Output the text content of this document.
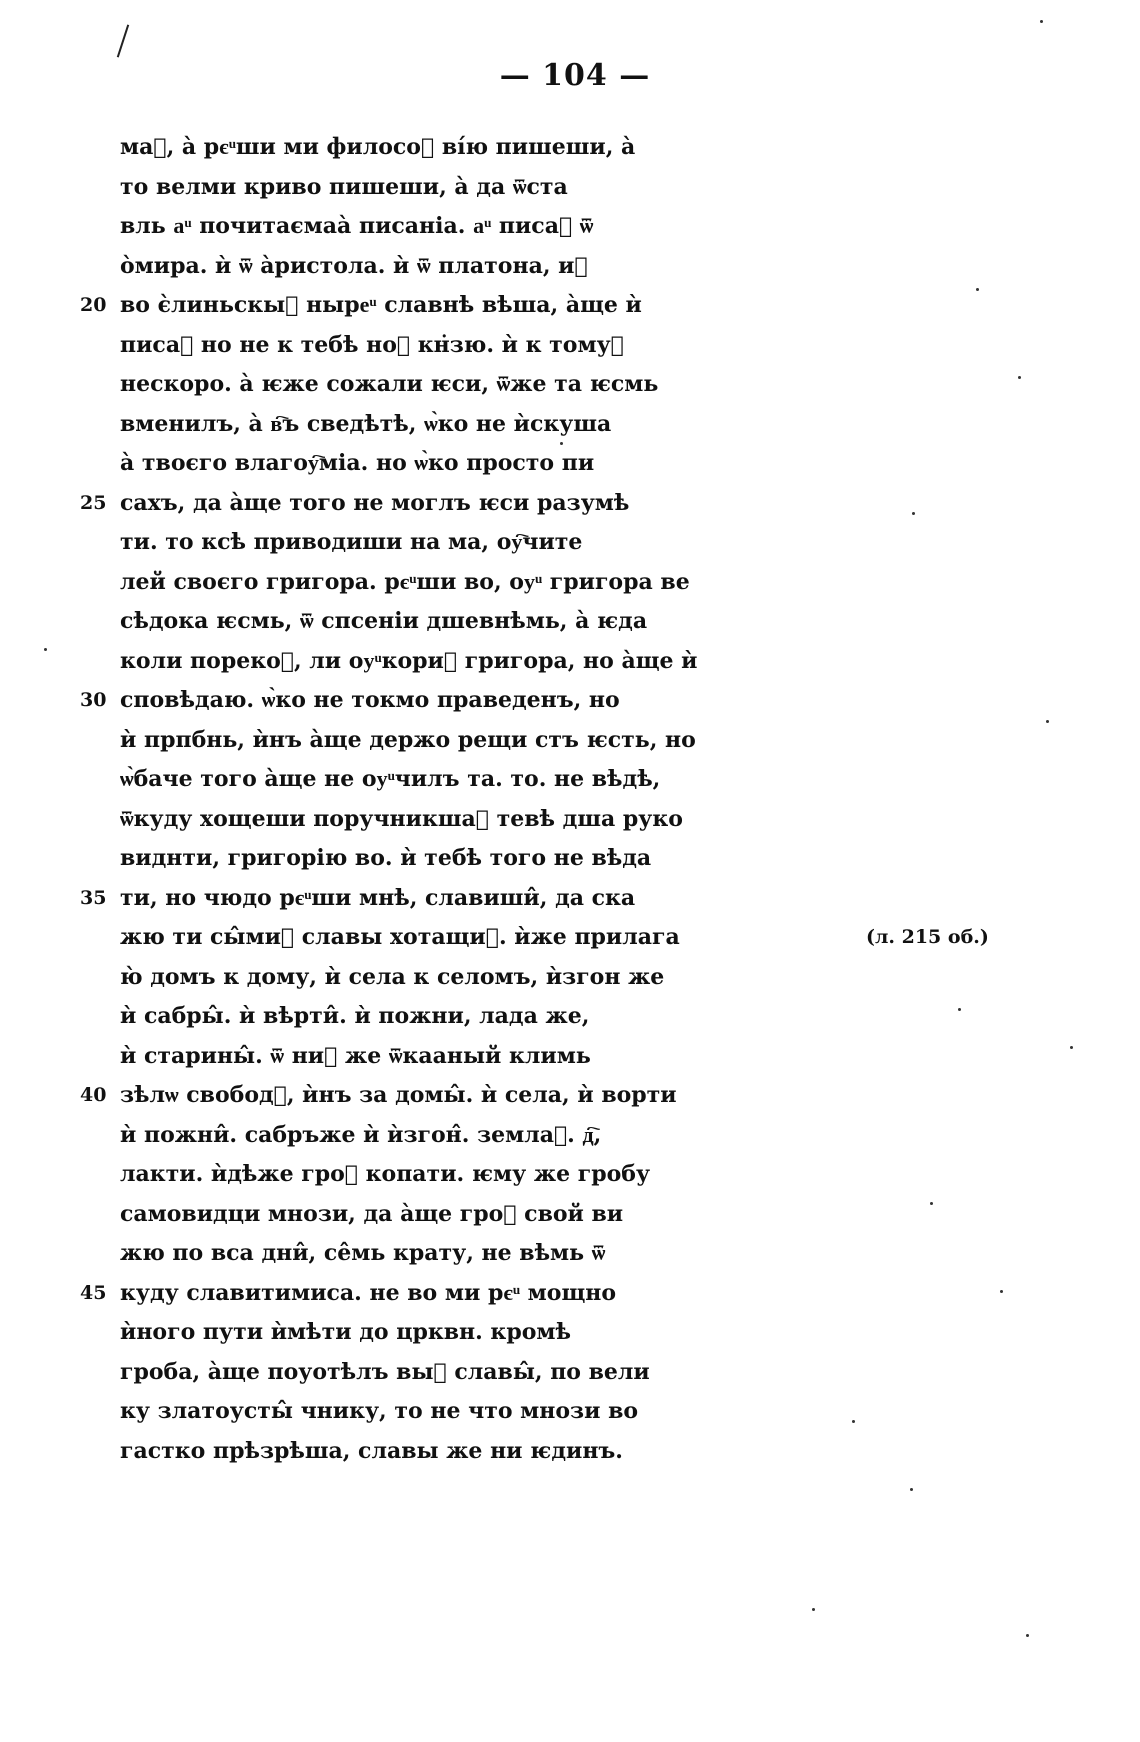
— 104 —
маᷪ, а̀ рєͧши ми филосоᷮ ві́ю пишеши, а̀
то велми криво пишеши, а̀ да ѿста
вль аͧ почитаємаа̀ писаніа. аͧ писаᷮ ѿ
о̀мира. ѝ ѿ а̀ристола. ѝ ѿ платона, иᷪ
20 во є̀линьскыᷮ ныреͧ славнѣ вѣша, а̀ще ѝ
писаᷮ но не к тебѣ ноᷬ кн̇зю. ѝ к томуᷮ
нескоро. а̀ ѥже сожали ѥси, ѿже та ѥсмь
вменилъ, а̀ в҇ъ сведѣтѣ, ѡ̀ко не ѝскуша
а̀ твоєго влагоу҇міа. но ѡ̀ко просто пи
25 сахъ, да а̀ще того не моглъ ѥси разумѣ
ти. то ксѣ приводиши на ма, оу҇чите
лей своєго григора. рєͧши во, оуͧ григора ве
сѣдока ѥсмь, ѿ спсеніи дшевнѣмь, а̀ ѥда
коли порекоᷮ, ли оуͧкориᷮ григора, но а̀ще ѝ
30 сповѣдаю. ѡ̀ко не токмо праведенъ, но
ѝ прпбнь, ѝнъ а̀ще держо рещи стъ ѥсть, но
ѡ̀баче того а̀ще не оуͧчилъ та. то. не вѣдѣ,
ѿкуду хощеши поручникшаᷠ тевѣ дша руко
виднти, григорію во. ѝ тебѣ того не вѣда
35 ти, но чюдо рєͧши мнѣ, славиши̂, да ска
жю ти сы̂миᷮ славы хотащиᷮ. ѝже прилага
ю̀ домъ к дому, ѝ села к селомъ, ѝзгон же
ѝ сабры̂. ѝ вѣрти̂. ѝ пожни, лада же,
ѝ старины̂. ѿ ниᷮ же ѿкааный климь
40 зѣлѡ свободᷮ, ѝнъ за домы̂. ѝ села, ѝ ворти
ѝ пожни̂. сабръже ѝ ѝзгон̂. землаᷠ. д҇,
лакти. ѝдѣже гроᷬ копати. ѥму же гробу
самовидци мнози, да а̀ще гроᷬ свой ви
жю по вса дни̂, се̂мь крату, не вѣмь ѿ
45 куду славитимиса. не во ми рєͧ мощно
ѝного пути ѝмѣти до црквн. кромѣ
гроба, а̀ще поуотѣлъ выᷮ славы̂, по вели
ку златоусты̂ чнику, то не что мнози во
гастко прѣзрѣша, славы же ни ѥдинъ.
(л. 215 об.)
